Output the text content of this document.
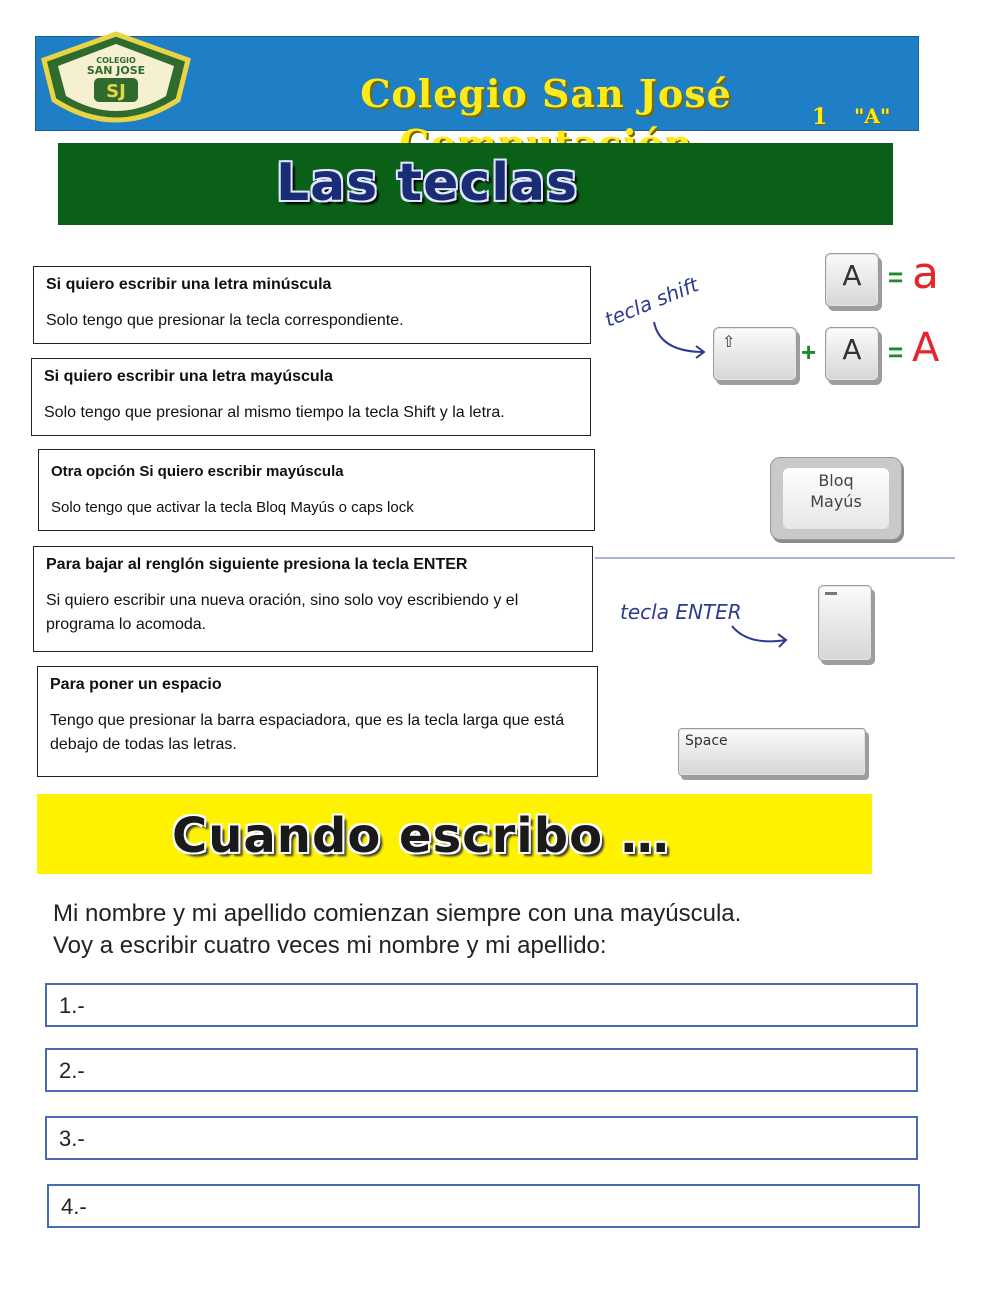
Colegio San José
1 "A"
COLEGIO
SAN JOSE
SJ
Las teclas
Si quiero escribir una letra minúscula
Solo tengo que presionar la tecla correspondiente.
Si quiero escribir una letra mayúscula
Solo tengo que presionar al mismo tiempo la tecla Shift y la letra.
Otra opción Si quiero escribir mayúscula
Solo tengo que activar la tecla Bloq Mayús o caps lock
Para bajar al renglón siguiente presiona la tecla ENTER
Si quiero escribir una nueva oración, sino solo voy escribiendo y el programa lo acomoda.
Para poner un espacio
Tengo que presionar la barra espaciadora, que es la tecla larga que está debajo de todas las letras.
A	= a
tecla shift
⇧	+ A	= A
Bloq
Mayús
tecla ENTER
Space
Cuando escribo …
Mi nombre y mi apellido comienzan siempre con una mayúscula.
Voy a escribir cuatro veces mi nombre y mi apellido:
1.-
2.-
3.-
4.-
